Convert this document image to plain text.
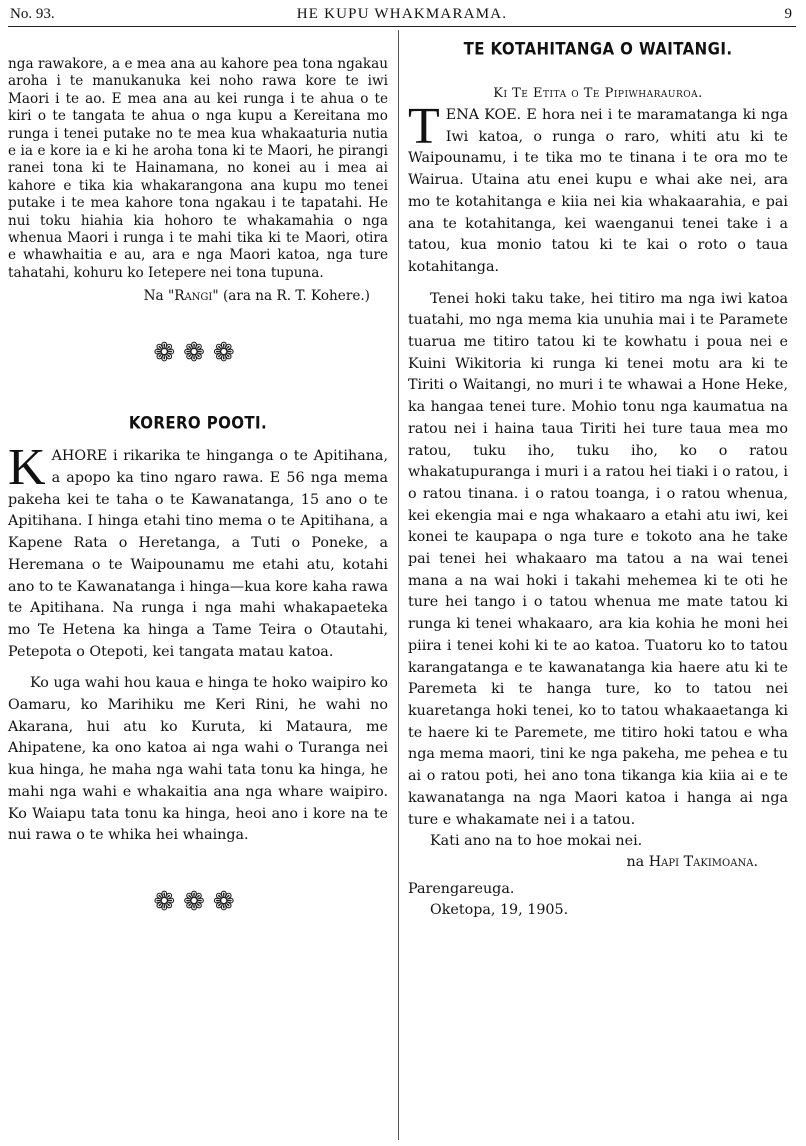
No. 93.	HE KUPU WHAKMARAMA.	9

nga rawakore, a e mea ana au kahore pea tona ngakau aroha i te manukanuka kei noho rawa kore te iwi Maori i te ao. E mea ana au kei runga i te ahua o te kiri o te tangata te ahua o nga kupu a Kereitana mo runga i tenei putake no te mea kua whakaaturia nutia e ia e kore ia e ki he aroha tona ki te Maori, he pirangi ranei tona ki te Hainamana, no konei au i mea ai kahore e tika kia whakarangona ana kupu mo tenei putake i te mea kahore tona ngakau i te tapatahi. He nui toku hiahia kia hohoro te whakamahia o nga whenua Maori i runga i te mahi tika ki te Maori, otira e whawhaitia e au, ara e nga Maori katoa, nga ture tahatahi, kohuru ko Ietepere nei tona tupuna.

Na "Rangi" (ara na R. T. Kohere.)

❁❁❁
KORERO POOTI.
K AHORE i rikarika te hinganga o te Apitihana, a apopo ka tino ngaro rawa. E 56 nga mema pakeha kei te taha o te Kawanatanga, 15 ano o te Apitihana. I hinga etahi tino mema o te Apitihana, a Kapene Rata o Heretanga, a Tuti o Poneke, a Heremana o te Waipounamu me etahi atu, kotahi ano to te Kawanatanga i hinga—kua kore kaha rawa te Apitihana. Na runga i nga mahi whakapaeteka mo Te Hetena ka hinga a Tame Teira o Otautahi, Petepota o Otepoti, kei tangata matau katoa.

Ko uga wahi hou kaua e hinga te hoko waipiro ko Oamaru, ko Marihiku me Keri Rini, he wahi no Akarana, hui atu ko Kuruta, ki Mataura, me Ahipatene, ka ono katoa ai nga wahi o Turanga nei kua hinga, he maha nga wahi tata tonu ka hinga, he mahi nga wahi e whakaitia ana nga whare waipiro. Ko Waiapu tata tonu ka hinga, heoi ano i kore na te nui rawa o te whika hei whainga.

❁❁❁
TE KOTAHITANGA O WAITANGI.
Ki Te Etita o Te Pipiwharauroa.
T ENA KOE. E hora nei i te maramatanga ki nga Iwi katoa, o runga o raro, whiti atu ki te Waipounamu, i te tika mo te tinana i te ora mo te Wairua. Utaina atu enei kupu e whai ake nei, ara mo te kotahitanga e kiia nei kia whakaarahia, e pai ana te kotahitanga, kei waenganui tenei take i a tatou, kua monio tatou ki te kai o roto o taua kotahitanga.

Tenei hoki taku take, hei titiro ma nga iwi katoa tuatahi, mo nga mema kia unuhia mai i te Paramete tuarua me titiro tatou ki te kowhatu i poua nei e Kuini Wikitoria ki runga ki tenei motu ara ki te Tiriti o Waitangi, no muri i te whawai a Hone Heke, ka hangaa tenei ture. Mohio tonu nga kaumatua na ratou nei i haina taua Tiriti hei ture taua mea mo ratou, tuku iho, tuku iho, ko o ratou whakatupuranga i muri i a ratou hei tiaki i o ratou, i o ratou tinana. i o ratou toanga, i o ratou whenua, kei ekengia mai e nga whakaaro a etahi atu iwi, kei konei te kaupapa o nga ture e tokoto ana he take pai tenei hei whakaaro ma tatou a na wai tenei mana a na wai hoki i takahi mehemea ki te oti he ture hei tango i o tatou whenua me mate tatou ki runga ki tenei whakaaro, ara kia kohia he moni hei piira i tenei kohi ki te ao katoa. Tuatoru ko to tatou karangatanga e te kawanatanga kia haere atu ki te Paremeta ki te hanga ture, ko to tatou nei kuaretanga hoki tenei, ko to tatou whakaaetanga ki te haere ki te Paremete, me titiro hoki tatou e wha nga mema maori, tini ke nga pakeha, me pehea e tu ai o ratou poti, hei ano tona tikanga kia kiia ai e te kawanatanga na nga Maori katoa i hanga ai nga ture e whakamate nei i a tatou.

Kati ano na to hoe mokai nei.

na Hapi Takimoana.

Parengareuga.

Oketopa, 19, 1905.
